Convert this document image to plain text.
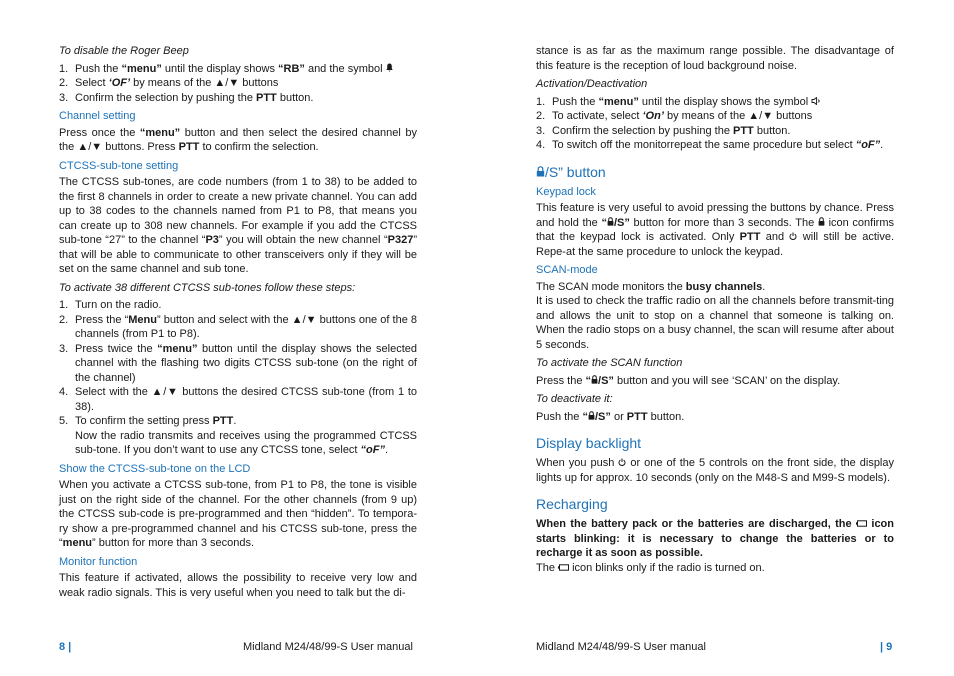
To disable the Roger Beep

1. Push the “menu” until the display shows “RB” and the symbol
2. Select ‘OF’ by means of the ▲/▼ buttons
3. Confirm the selection by pushing the PTT button.

Channel setting

Press once the “menu” button and then select the desired channel by the ▲/▼ buttons. Press PTT to confirm the selection.

CTCSS-sub-tone setting

The CTCSS sub-tones, are code numbers (from 1 to 38) to be added to the first 8 channels in order to create a new private channel. You can add up to 38 codes to the channels named from P1 to P8, that means you can create up to 308 new channels. For example if you add the CTCSS sub-tone “27” to the channel “P3” you will obtain the new channel “P327” that will be able to communicate to other transceivers only if they will be set on the same channel and sub tone.

To activate 38 different CTCSS sub-tones follow these steps:

1. Turn on the radio.
2. Press the “Menu” button and select with the ▲/▼ buttons one of the 8 channels (from P1 to P8).
3. Press twice the “menu” button until the display shows the selected channel with the flashing two digits CTCSS sub-tone (on the right of the channel)
4. Select with the ▲/▼ buttons the desired CTCSS sub-tone (from 1 to 38).
5. To confirm the setting press PTT.
Now the radio transmits and receives using the programmed CTCSS sub-tone. If you don’t want to use any CTCSS tone, select “oF”.

Show the CTCSS-sub-tone on the LCD

When you activate a CTCSS sub-tone, from P1 to P8, the tone is visible just on the right side of the channel. For the other channels (from 9 up) the CTCSS sub-code is pre-programmed and then “hidden”. To tempora-ry show a pre-programmed channel and his CTCSS sub-tone, press the “menu” button for more than 3 seconds.

Monitor function

This feature if activated, allows the possibility to receive very low and weak radio signals. This is very useful when you need to talk but the di-

stance is as far as the maximum range possible. The disadvantage of this feature is the reception of loud background noise.

Activation/Deactivation

1. Push the “menu” until the display shows the symbol
2. To activate, select ‘On’ by means of the ▲/▼ buttons
3. Confirm the selection by pushing the PTT button.
4. To switch off the monitorrepeat the same procedure but select “oF”.

/S” button

Keypad lock

This feature is very useful to avoid pressing the buttons by chance. Press and hold the “ /S” button for more than 3 seconds. The  icon confirms that the keypad lock is activated. Only PTT and  will still be active. Repe-at the same procedure to unlock the keypad.

SCAN-mode

The SCAN mode monitors the busy channels.

It is used to check the traffic radio on all the channels before transmit-ting and allows the unit to stop on a channel that someone is talking on. When the radio stops on a busy channel, the scan will resume after about 5 seconds.

To activate the SCAN function

Press the “ /S” button and you will see ‘SCAN’ on the display.

To deactivate it:

Push the “ /S” or PTT button.

Display backlight

When you push  or one of the 5 controls on the front side, the display lights up for approx. 10 seconds (only on the M48-S and M99-S models).

Recharging

When the battery pack or the batteries are discharged, the  icon starts blinking: it is necessary to change the batteries or to recharge it as soon as possible.

The  icon blinks only if the radio is turned on.

8 |	Midland M24/48/99-S User manual	Midland M24/48/99-S User manual	| 9
